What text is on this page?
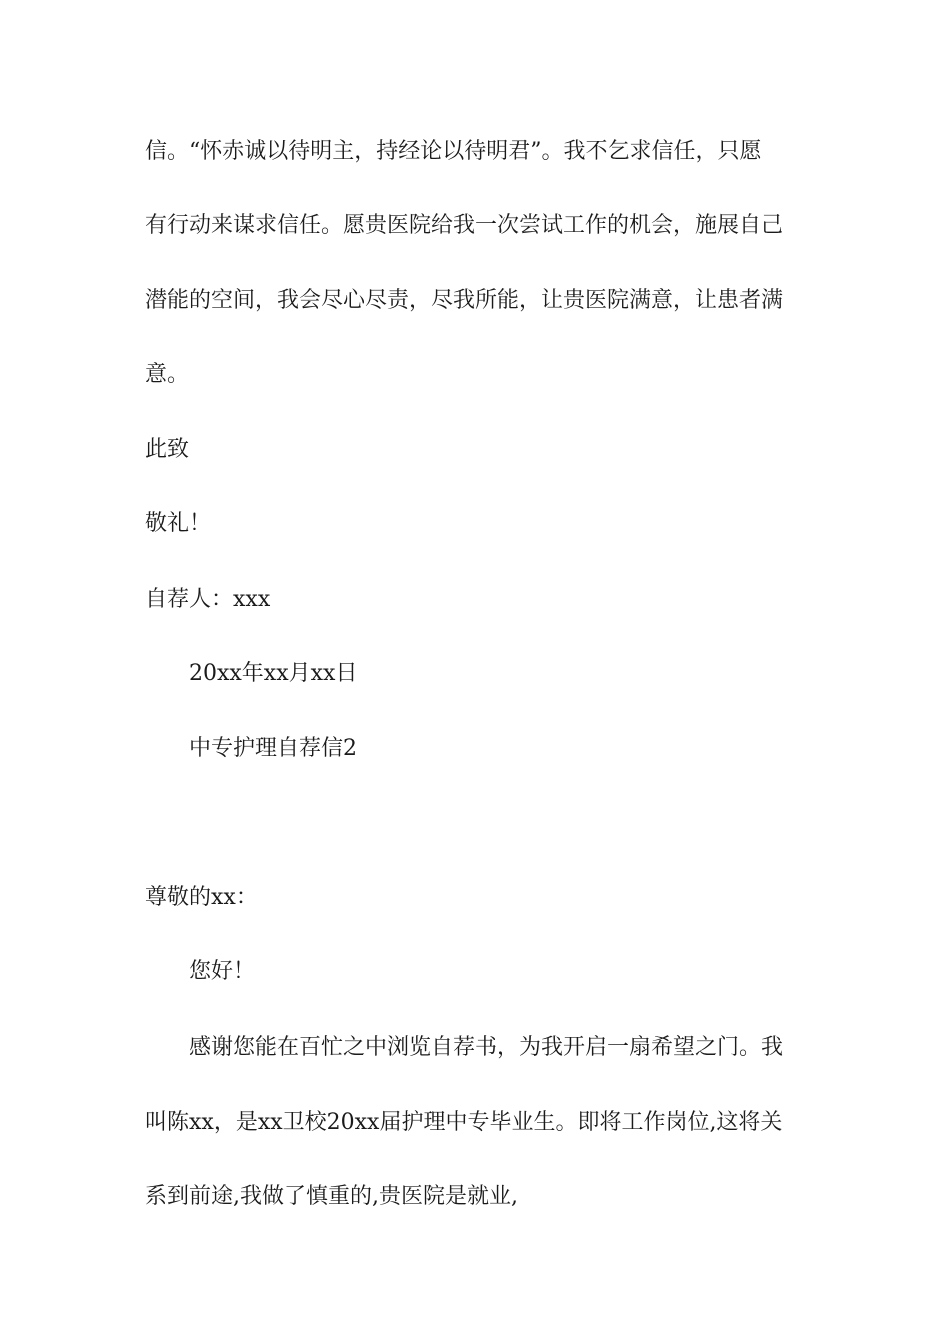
信。“怀赤诚以待明主，持经论以待明君”。我不乞求信任，只愿

有行动来谋求信任。愿贵医院给我一次尝试工作的机会，施展自己

潜能的空间，我会尽心尽责，尽我所能，让贵医院满意，让患者满

意。

此致

敬礼！

自荐人：xxx

20xx年xx月xx日

中专护理自荐信2

尊敬的xx：

您好！

感谢您能在百忙之中浏览自荐书，为我开启一扇希望之门。我

叫陈xx，是xx卫校20xx届护理中专毕业生。即将工作岗位,这将关

系到前途,我做了慎重的,贵医院是就业,
